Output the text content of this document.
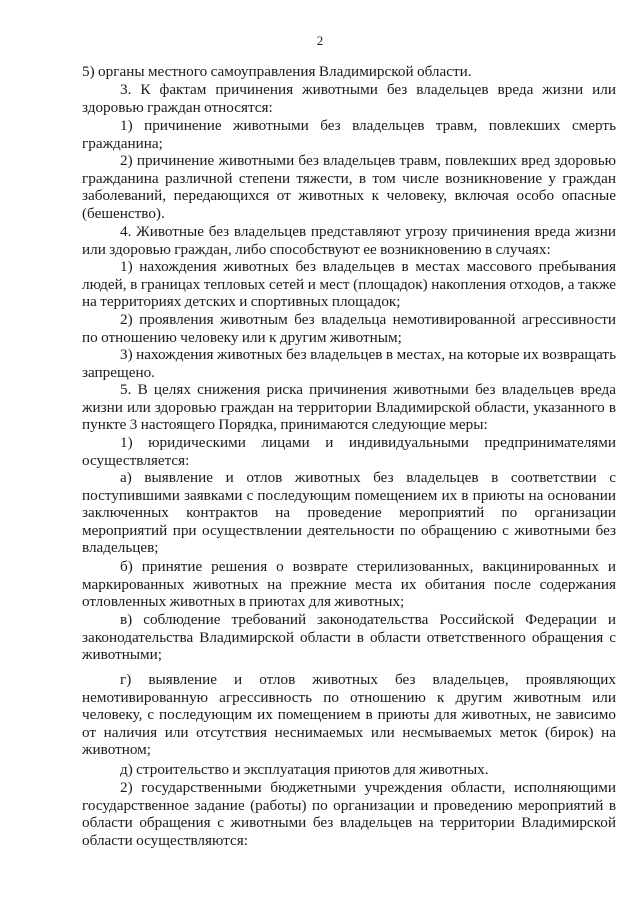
2

5) органы местного самоуправления Владимирской области.

3. К фактам причинения животными без владельцев вреда жизни или здоровью граждан относятся:

1) причинение животными без владельцев травм, повлекших смерть гражданина;

2) причинение животными без владельцев травм, повлекших вред здоровью гражданина различной степени тяжести, в том числе возникновение у граждан заболеваний, передающихся от животных к человеку, включая особо опасные (бешенство).

4. Животные без владельцев представляют угрозу причинения вреда жизни или здоровью граждан, либо способствуют ее возникновению в случаях:

1) нахождения животных без владельцев в местах массового пребывания людей, в границах тепловых сетей и мест (площадок) накопления отходов, а также на территориях детских и спортивных площадок;

2) проявления животным без владельца немотивированной агрессивности по отношению человеку или к другим животным;

3) нахождения животных без владельцев в местах, на которые их возвращать запрещено.

5. В целях снижения риска причинения животными без владельцев вреда жизни или здоровью граждан на территории Владимирской области, указанного в пункте 3 настоящего Порядка, принимаются следующие меры:

1) юридическими лицами и индивидуальными предпринимателями осуществляется:

а) выявление и отлов животных без владельцев в соответствии с поступившими заявками с последующим помещением их в приюты на основании заключенных контрактов на проведение мероприятий по организации мероприятий при осуществлении деятельности по обращению с животными без владельцев;

б) принятие решения о возврате стерилизованных, вакцинированных и маркированных животных на прежние места их обитания после содержания отловленных животных в приютах для животных;

в) соблюдение требований законодательства Российской Федерации и законодательства Владимирской области в области ответственного обращения с животными;

г) выявление и отлов животных без владельцев, проявляющих немотивированную агрессивность по отношению к другим животным или человеку, с последующим их помещением в приюты для животных, не зависимо от наличия или отсутствия неснимаемых или несмываемых меток (бирок) на животном;

д) строительство и эксплуатация приютов для животных.

2) государственными бюджетными учреждения области, исполняющими государственное задание (работы) по организации и проведению мероприятий в области обращения с животными без владельцев на территории Владимирской области осуществляются:
